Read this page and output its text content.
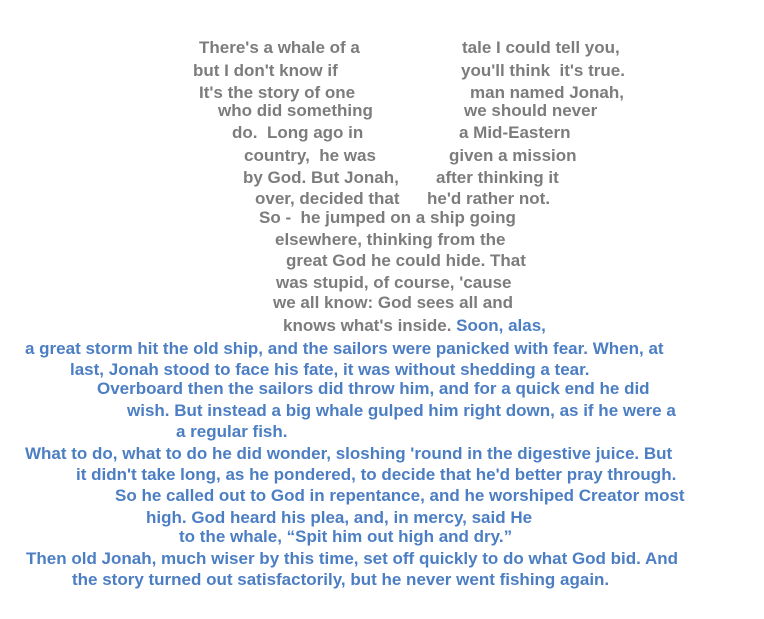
There's a whale of a
but I don't know if
It's the story of one
who did something
do.  Long ago in
country,  he was
by God. But Jonah,
over, decided that
tale I could tell you,
you'll think  it's true.
man named Jonah,
we should never
a Mid-Eastern
given a mission
after thinking it
he'd rather not.
So -  he jumped on a ship going
elsewhere, thinking from the
great God he could hide. That
was stupid, of course, 'cause
we all know: God sees all and
knows what's inside. Soon, alas,
a great storm hit the old ship, and the sailors were panicked with fear. When, at
last, Jonah stood to face his fate, it was without shedding a tear.
Overboard then the sailors did throw him, and for a quick end he did
wish. But instead a big whale gulped him right down, as if he were a
a regular fish.
What to do, what to do he did wonder, sloshing 'round in the digestive juice. But
it didn't take long, as he pondered, to decide that he'd better pray through.
So he called out to God in repentance, and he worshiped Creator most
high. God heard his plea, and, in mercy, said He
to the whale, “Spit him out high and dry.”
Then old Jonah, much wiser by this time, set off quickly to do what God bid. And
the story turned out satisfactorily, but he never went fishing again.
